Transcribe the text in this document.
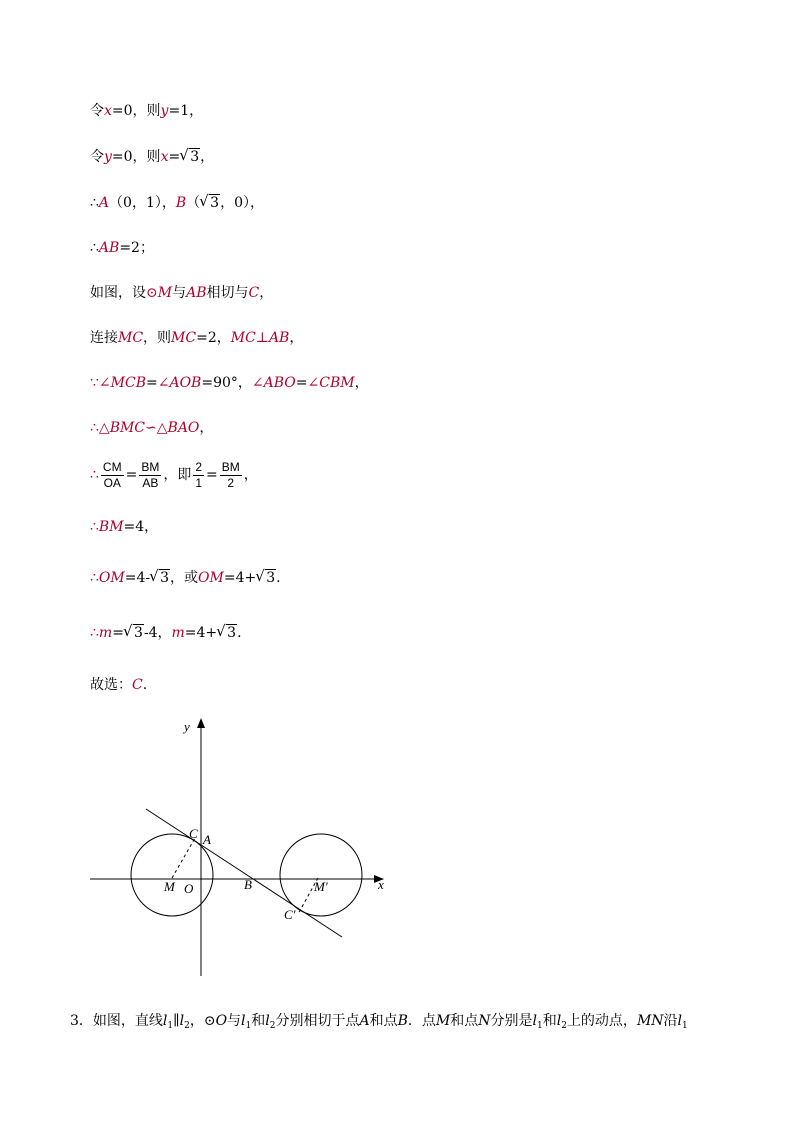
令x=0，则y=1，
令y=0，则x= √ 3，
∴A（0，1），B（ √ 3，0），
∴AB=2；
如图，设⊙M与AB相切与C，
连接MC，则MC=2，MC⊥AB，
∵∠MCB=∠AOB=90°，∠ABO=∠CBM，
∴△BMC∽△BAO，
∴ $\frac{CM}{OA} = \frac{BM}{AB}$ ，即 $\frac{2}{1} = \frac{BM}{2}$ ，
∴BM=4，
∴OM=4- √ 3，或OM=4+ √ 3.
∴m= √ 3-4，m=4+ √ 3.
故选：C.
y
x
C A
M O	B	M′
C′
3．如图，直线$l_1\parallel l_2$，⊙O与$l_1$和$l_2$分别相切于点A和点B．点M和点N分别是$l_1$和$l_2$上的动点，MN沿$l_1$
